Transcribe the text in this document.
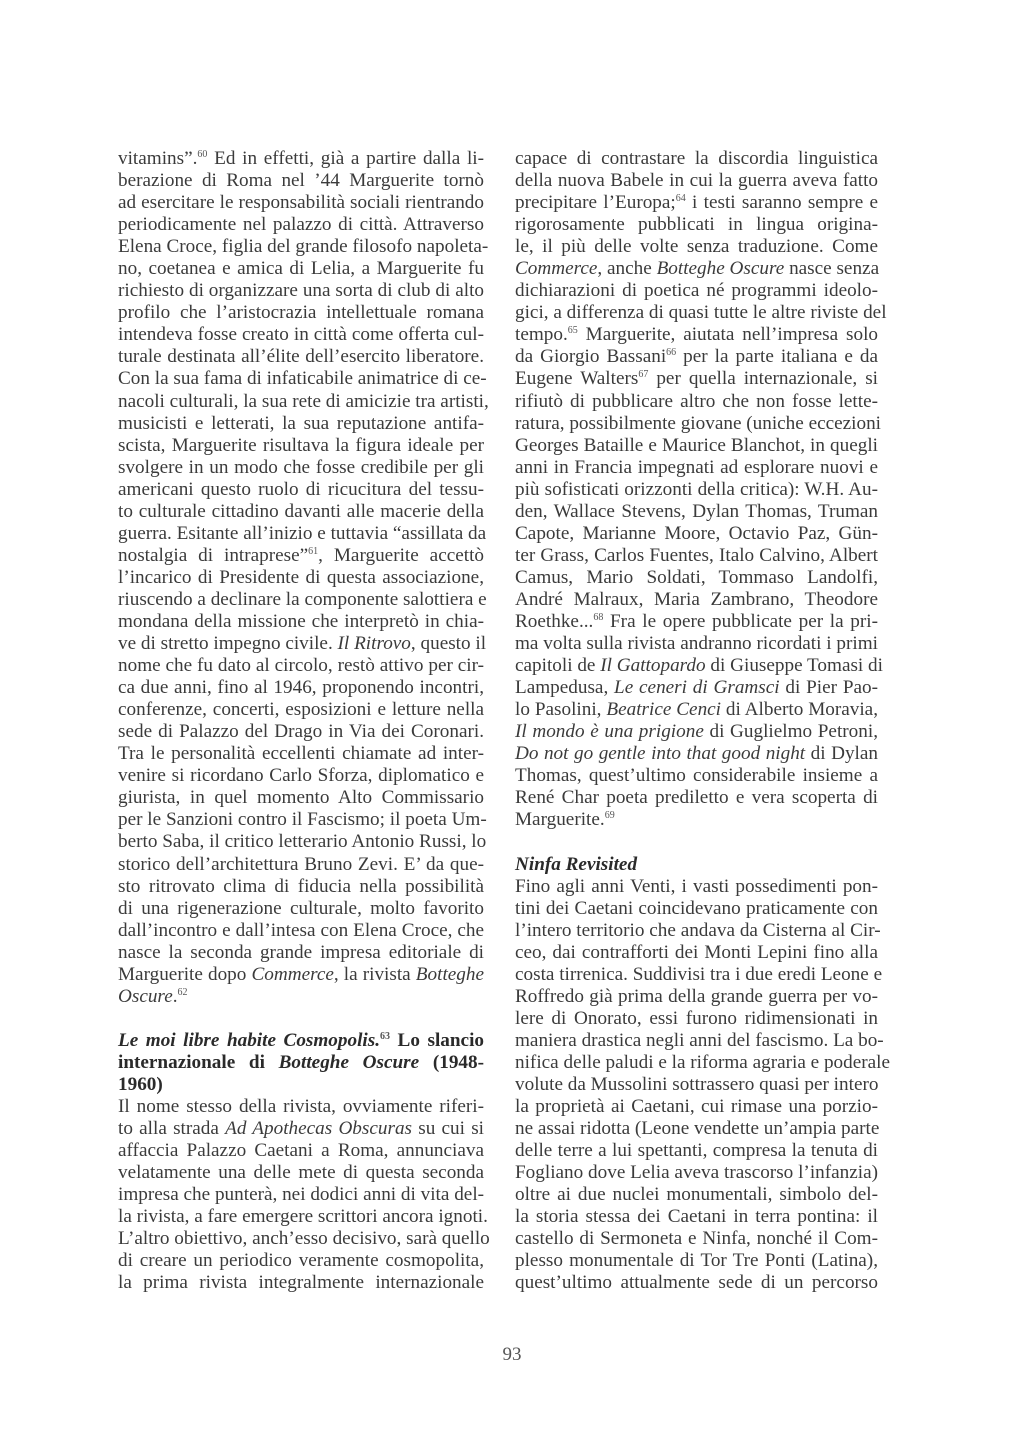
vitamins”.$^{60}$ Ed in effetti, già a partire dalla li-
berazione di Roma nel ’44 Marguerite tornò
ad esercitare le responsabilità sociali rientrando
periodicamente nel palazzo di città. Attraverso
Elena Croce, figlia del grande filosofo napoleta-
no, coetanea e amica di Lelia, a Marguerite fu
richiesto di organizzare una sorta di club di alto
profilo che l’aristocrazia intellettuale romana
intendeva fosse creato in città come offerta cul-
turale destinata all’élite dell’esercito liberatore.
Con la sua fama di infaticabile animatrice di ce-
nacoli culturali, la sua rete di amicizie tra artisti,
musicisti e letterati, la sua reputazione antifa-
scista, Marguerite risultava la figura ideale per
svolgere in un modo che fosse credibile per gli
americani questo ruolo di ricucitura del tessu-
to culturale cittadino davanti alle macerie della
guerra. Esitante all’inizio e tuttavia “assillata da
nostalgia di intraprese”$^{61}$, Marguerite accettò
l’incarico di Presidente di questa associazione,
riuscendo a declinare la componente salottiera e
mondana della missione che interpretò in chia-
ve di stretto impegno civile. Il Ritrovo, questo il
nome che fu dato al circolo, restò attivo per cir-
ca due anni, fino al 1946, proponendo incontri,
conferenze, concerti, esposizioni e letture nella
sede di Palazzo del Drago in Via dei Coronari.
Tra le personalità eccellenti chiamate ad inter-
venire si ricordano Carlo Sforza, diplomatico e
giurista, in quel momento Alto Commissario
per le Sanzioni contro il Fascismo; il poeta Um-
berto Saba, il critico letterario Antonio Russi, lo
storico dell’architettura Bruno Zevi. E’ da que-
sto ritrovato clima di fiducia nella possibilità
di una rigenerazione culturale, molto favorito
dall’incontro e dall’intesa con Elena Croce, che
nasce la seconda grande impresa editoriale di
Marguerite dopo Commerce, la rivista Botteghe
Oscure.$^{62}$
Le moi libre habite Cosmopolis.$^{63}$ Lo slancio
internazionale di Botteghe Oscure (1948-
1960)
Il nome stesso della rivista, ovviamente riferi-
to alla strada Ad Apothecas Obscuras su cui si
affaccia Palazzo Caetani a Roma, annunciava
velatamente una delle mete di questa seconda
impresa che punterà, nei dodici anni di vita del-
la rivista, a fare emergere scrittori ancora ignoti.
L’altro obiettivo, anch’esso decisivo, sarà quello
di creare un periodico veramente cosmopolita,
la prima rivista integralmente internazionale
capace di contrastare la discordia linguistica
della nuova Babele in cui la guerra aveva fatto
precipitare l’Europa;$^{64}$ i testi saranno sempre e
rigorosamente pubblicati in lingua origina-
le, il più delle volte senza traduzione. Come
Commerce, anche Botteghe Oscure nasce senza
dichiarazioni di poetica né programmi ideolo-
gici, a differenza di quasi tutte le altre riviste del
tempo.$^{65}$ Marguerite, aiutata nell’impresa solo
da Giorgio Bassani$^{66}$ per la parte italiana e da
Eugene Walters$^{67}$ per quella internazionale, si
rifiutò di pubblicare altro che non fosse lette-
ratura, possibilmente giovane (uniche eccezioni
Georges Bataille e Maurice Blanchot, in quegli
anni in Francia impegnati ad esplorare nuovi e
più sofisticati orizzonti della critica): W.H. Au-
den, Wallace Stevens, Dylan Thomas, Truman
Capote, Marianne Moore, Octavio Paz, Gün-
ter Grass, Carlos Fuentes, Italo Calvino, Albert
Camus, Mario Soldati, Tommaso Landolfi,
André Malraux, Maria Zambrano, Theodore
Roethke...$^{68}$ Fra le opere pubblicate per la pri-
ma volta sulla rivista andranno ricordati i primi
capitoli de Il Gattopardo di Giuseppe Tomasi di
Lampedusa, Le ceneri di Gramsci di Pier Pao-
lo Pasolini, Beatrice Cenci di Alberto Moravia,
Il mondo è una prigione di Guglielmo Petroni,
Do not go gentle into that good night di Dylan
Thomas, quest’ultimo considerabile insieme a
René Char poeta prediletto e vera scoperta di
Marguerite.$^{69}$
Ninfa Revisited
Fino agli anni Venti, i vasti possedimenti pon-
tini dei Caetani coincidevano praticamente con
l’intero territorio che andava da Cisterna al Cir-
ceo, dai contrafforti dei Monti Lepini fino alla
costa tirrenica. Suddivisi tra i due eredi Leone e
Roffredo già prima della grande guerra per vo-
lere di Onorato, essi furono ridimensionati in
maniera drastica negli anni del fascismo. La bo-
nifica delle paludi e la riforma agraria e poderale
volute da Mussolini sottrassero quasi per intero
la proprietà ai Caetani, cui rimase una porzio-
ne assai ridotta (Leone vendette un’ampia parte
delle terre a lui spettanti, compresa la tenuta di
Fogliano dove Lelia aveva trascorso l’infanzia)
oltre ai due nuclei monumentali, simbolo del-
la storia stessa dei Caetani in terra pontina: il
castello di Sermoneta e Ninfa, nonché il Com-
plesso monumentale di Tor Tre Ponti (Latina),
quest’ultimo attualmente sede di un percorso
93
